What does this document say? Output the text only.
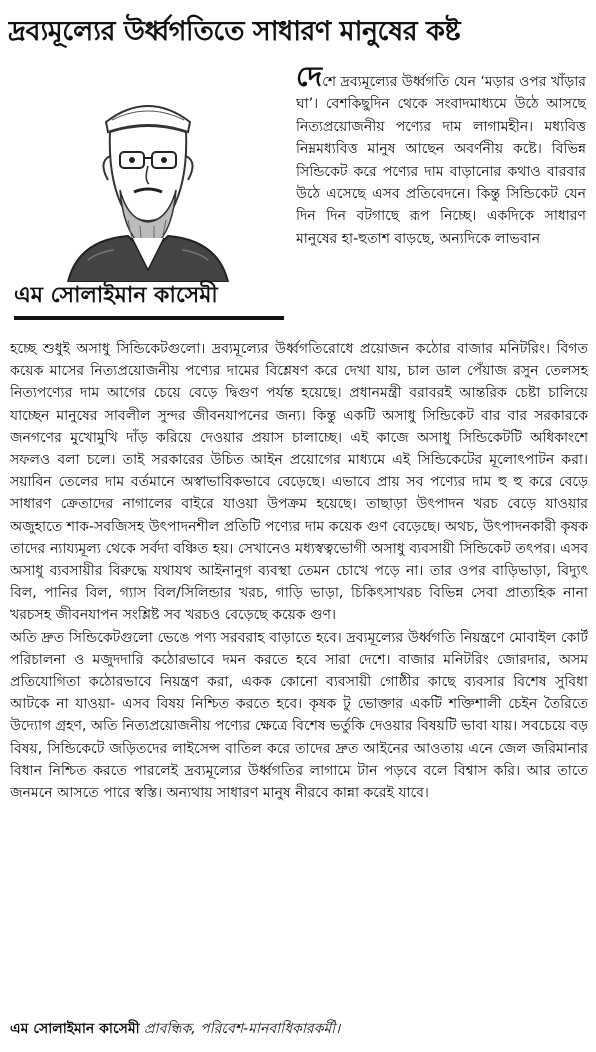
দ্রব্যমূল্যের উর্ধ্বগতিতে সাধারণ মানুষের কষ্ট
এম সোলাইমান কাসেমী
দেশে দ্রব্যমূল্যের উর্ধ্বগতি যেন ‘মড়ার ওপর খাঁড়ার ঘা’। বেশকিছুদিন থেকে সংবাদমাধ্যমে উঠে আসছে নিত্যপ্রয়োজনীয় পণ্যের দাম লাগামহীন। মধ্যবিত্ত নিম্নমধ্যবিত্ত মানুষ আছেন অবর্ণনীয় কষ্টে। বিভিন্ন সিন্ডিকেট করে পণ্যের দাম বাড়ানোর কথাও বারবার উঠে এসেছে এসব প্রতিবেদনে। কিন্তু সিন্ডিকেট যেন দিন দিন বটগাছে রূপ নিচ্ছে। একদিকে সাধারণ মানুষের হা-হুতাশ বাড়ছে, অন্যদিকে লাভবান

হচ্ছে শুধুই অসাধু সিন্ডিকেটগুলো। দ্রব্যমূল্যের উর্ধ্বগতিরোধে প্রয়োজন কঠোর বাজার মনিটরিং। বিগত কয়েক মাসের নিত্যপ্রয়োজনীয় পণ্যের দামের বিশ্লেষণ করে দেখা যায়, চাল ডাল পেঁয়াজ রসুন তেলসহ নিত্যপণ্যের দাম আগের চেয়ে বেড়ে দ্বিগুণ পর্যন্ত হয়েছে। প্রধানমন্ত্রী বরাবরই আন্তরিক চেষ্টা চালিয়ে যাচ্ছেন মানুষের সাবলীল সুন্দর জীবনযাপনের জন্য। কিন্তু একটি অসাধু সিন্ডিকেট বার বার সরকারকে জনগণের মুখোমুখি দাঁড় করিয়ে দেওয়ার প্রয়াস চালাচ্ছে। এই কাজে অসাধু সিন্ডিকেটটি অধিকাংশে সফলও বলা চলে। তাই সরকারের উচিত আইন প্রয়োগের মাধ্যমে এই সিন্ডিকেটের মূলোৎপাটন করা। সয়াবিন তেলের দাম বর্তমানে অস্বাভাবিকভাবে বেড়েছে। এভাবে প্রায় সব পণ্যের দাম হু হু করে বেড়ে সাধারণ ক্রেতাদের নাগালের বাইরে যাওয়া উপক্রম হয়েছে। তাছাড়া উৎপাদন খরচ বেড়ে যাওয়ার অজুহাতে শাক-সবজিসহ উৎপাদনশীল প্রতিটি পণ্যের দাম কয়েক গুণ বেড়েছে। অথচ, উৎপাদনকারী কৃষক তাদের ন্যায্যমূল্য থেকে সর্বদা বঞ্চিত হয়। সেখানেও মধ্যস্বত্বভোগী অসাধু ব্যবসায়ী সিন্ডিকেট তৎপর। এসব অসাধু ব্যবসায়ীর বিরুদ্ধে যথাযথ আইনানুগ ব্যবস্থা তেমন চোখে পড়ে না। তার ওপর বাড়িভাড়া, বিদ্যুৎ বিল, পানির বিল, গ্যাস বিল/সিলিন্ডার খরচ, গাড়ি ভাড়া, চিকিৎসাখরচ বিভিন্ন সেবা প্রাত্যহিক নানা খরচসহ জীবনযাপন সংশ্লিষ্ট সব খরচও বেড়েছে কয়েক গুণ।

অতি দ্রুত সিন্ডিকেটগুলো ভেঙে পণ্য সরবরাহ বাড়াতে হবে। দ্রব্যমূল্যের উর্ধ্বগতি নিয়ন্ত্রণে মোবাইল কোর্ট পরিচালনা ও মজুদদারি কঠোরভাবে দমন করতে হবে সারা দেশে। বাজার মনিটরিং জোরদার, অসম প্রতিযোগিতা কঠোরভাবে নিয়ন্ত্রণ করা, একক কোনো ব্যবসায়ী গোষ্ঠীর কাছে ব্যবসার বিশেষ সুবিধা আটকে না যাওয়া- এসব বিষয় নিশ্চিত করতে হবে। কৃষক টু ভোক্তার একটি শক্তিশালী চেইন তৈরিতে উদ্যোগ গ্রহণ, অতি নিত্যপ্রয়োজনীয় পণ্যের ক্ষেত্রে বিশেষ ভর্তুকি দেওয়ার বিষয়টি ভাবা যায়। সবচেয়ে বড় বিষয়, সিন্ডিকেটে জড়িতদের লাইসেন্স বাতিল করে তাদের দ্রুত আইনের আওতায় এনে জেল জরিমানার বিধান নিশ্চিত করতে পারলেই দ্রব্যমূল্যের উর্ধ্বগতির লাগামে টান পড়বে বলে বিশ্বাস করি। আর তাতে জনমনে আসতে পারে স্বস্তি। অন্যথায় সাধারণ মানুষ নীরবে কান্না করেই যাবে।

এম সোলাইমান কাসেমী প্রাবন্ধিক, পরিবেশ-মানবাধিকারকর্মী।
